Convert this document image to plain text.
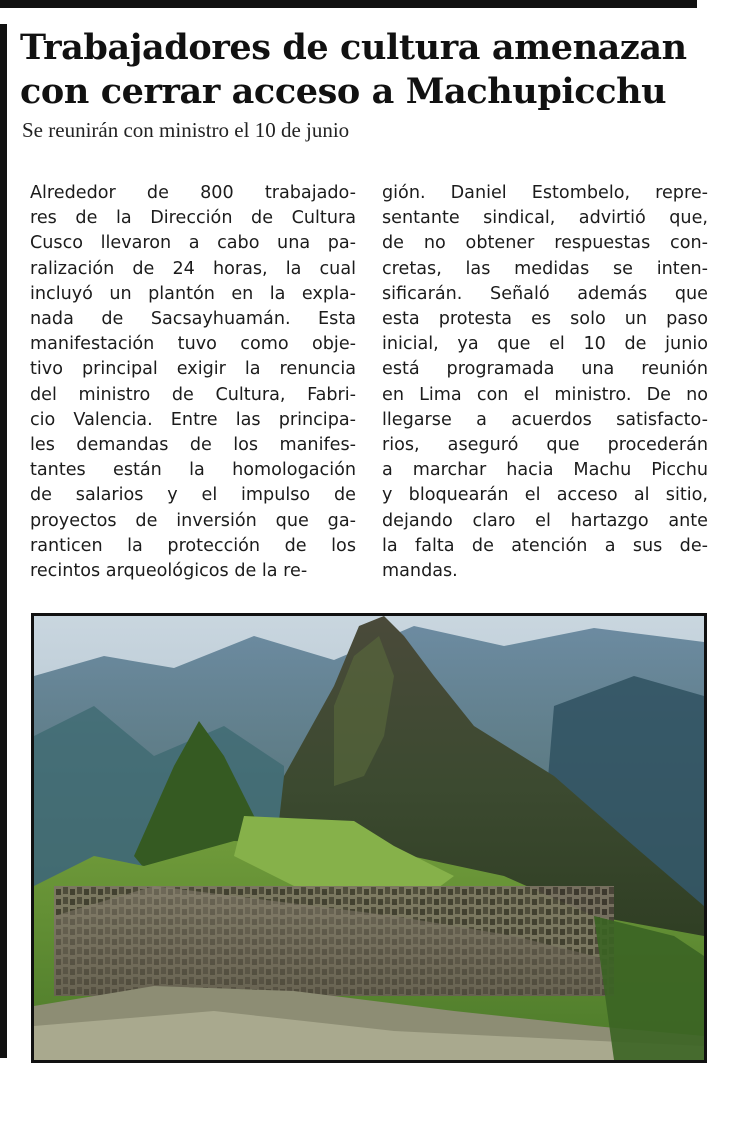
Trabajadores de cultura amenazan
con cerrar acceso a Machupicchu

Se reunirán con ministro el 10 de junio

Alrededor de 800 trabajado-
res de la Dirección de Cultura
Cusco llevaron a cabo una pa-
ralización de 24 horas, la cual
incluyó un plantón en la expla-
nada de Sacsayhuamán. Esta
manifestación tuvo como obje-
tivo principal exigir la renuncia
del ministro de Cultura, Fabri-
cio Valencia. Entre las principa-
les demandas de los manifes-
tantes están la homologación
de salarios y el impulso de
proyectos de inversión que ga-
ranticen la protección de los
recintos arqueológicos de la re-
gión. Daniel Estombelo, repre-
sentante sindical, advirtió que,
de no obtener respuestas con-
cretas, las medidas se inten-
sificarán. Señaló además que
esta protesta es solo un paso
inicial, ya que el 10 de junio
está programada una reunión
en Lima con el ministro. De no
llegarse a acuerdos satisfacto-
rios, aseguró que procederán
a marchar hacia Machu Picchu
y bloquearán el acceso al sitio,
dejando claro el hartazgo ante
la falta de atención a sus de-
mandas.
